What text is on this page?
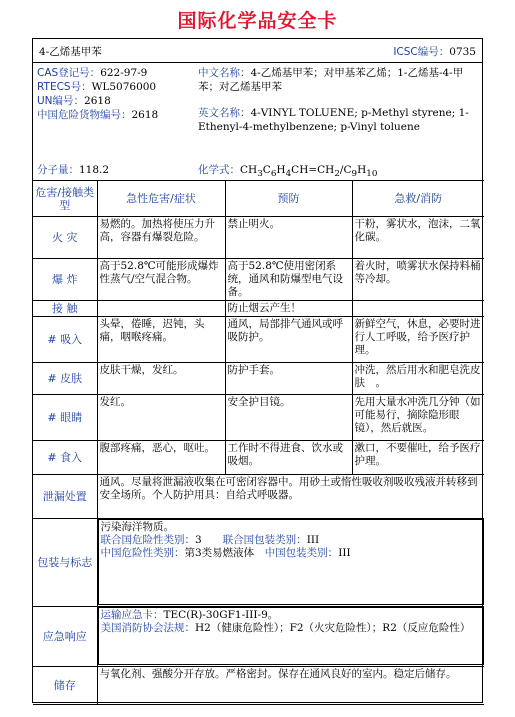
国际化学品安全卡
4-乙烯基甲苯	ICSC编号：0735
CAS登记号：622-97-9
RTECS号：WL5076000
UN编号：2618
中国危险货物编号：2618
中文名称：4-乙烯基甲苯；对甲基苯乙烯；1-乙烯基-4-甲苯；对乙烯基甲苯
英文名称：4-VINYL TOLUENE; p-Methyl styrene; 1-Ethenyl-4-methylbenzene; p-Vinyl toluene
分子量：118.2	化学式：$CH_3C_6H_4CH=CH_2/C_9H_{10}$
危害/接触类型	急性危害/症状	预防	急救/消防
火 灾	易燃的。加热将使压力升高，容器有爆裂危险。	禁止明火。	干粉，雾状水，泡沫，二氧化碳。
爆 炸	高于52.8℃可能形成爆炸性蒸气/空气混合物。	高于52.8℃使用密闭系统，通风和防爆型电气设备。	着火时，喷雾状水保持料桶等冷却。
接 触		防止烟云产生！	
# 吸入	头晕，倦睡，迟钝，头痛，咽喉疼痛。	通风，局部排气通风或呼吸防护。	新鲜空气，休息，必要时进行人工呼吸，给予医疗护理。
# 皮肤	皮肤干燥，发红。	防护手套。	冲洗，然后用水和肥皂洗皮肤　。
# 眼睛	发红。	安全护目镜。	先用大量水冲洗几分钟（如可能易行，摘除隐形眼镜），然后就医。
# 食入	腹部疼痛，恶心，呕吐。	工作时不得进食、饮水或吸烟。	漱口，不要催吐，给予医疗护理。
泄漏处置	通风。尽量将泄漏液收集在可密闭容器中。用砂土或惰性吸收剂吸收残液并转移到安全场所。个人防护用具：自给式呼吸器。		
包装与标志	污染海洋物质。
联合国危险性类别：3　　 联合国包装类别：III
中国危险性类别：第3类易燃液体　 中国包装类别：III		

应急响应	运输应急卡：TEC(R)-30GF1-III-9。
美国消防协会法规：H2（健康危险性）；F2（火灾危险性）；R2（反应危险性）		

储存	与氧化剂、强酸分开存放。严格密封。保存在通风良好的室内。稳定后储存。		
